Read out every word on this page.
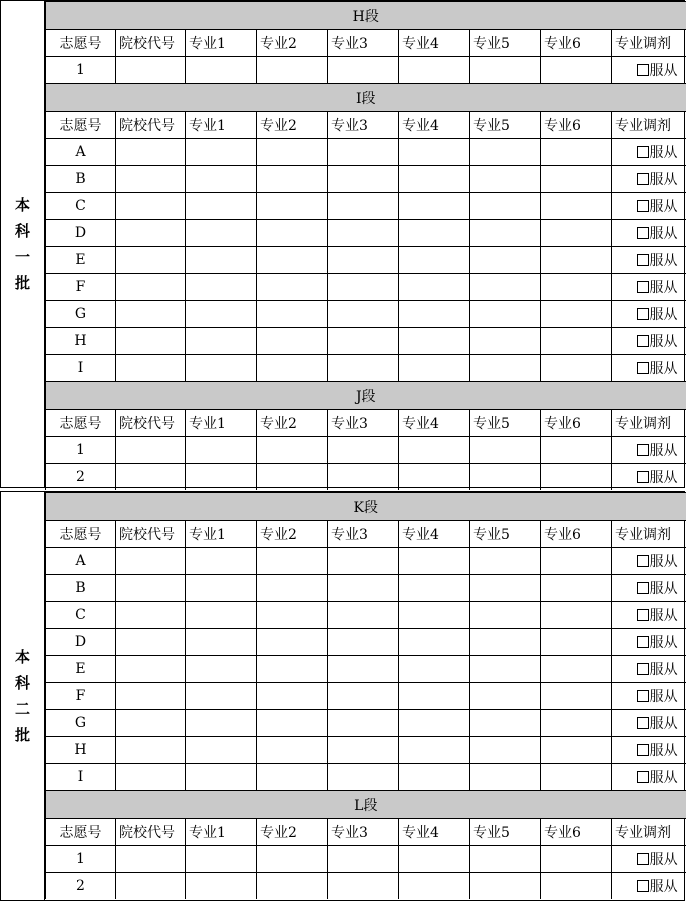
本
科
一
批
H段								
志愿号	院校代号	专业1	专业2	专业3	专业4	专业5	专业6	专业调剂
1								服从
I段								
志愿号	院校代号	专业1	专业2	专业3	专业4	专业5	专业6	专业调剂
A								服从
B								服从
C								服从
D								服从
E								服从
F								服从
G								服从
H								服从
I								服从
J段								
志愿号	院校代号	专业1	专业2	专业3	专业4	专业5	专业6	专业调剂
1								服从
2								服从
本
科
二
批
K段								
志愿号	院校代号	专业1	专业2	专业3	专业4	专业5	专业6	专业调剂
A								服从
B								服从
C								服从
D								服从
E								服从
F								服从
G								服从
H								服从
I								服从
L段								
志愿号	院校代号	专业1	专业2	专业3	专业4	专业5	专业6	专业调剂
1								服从
2								服从
